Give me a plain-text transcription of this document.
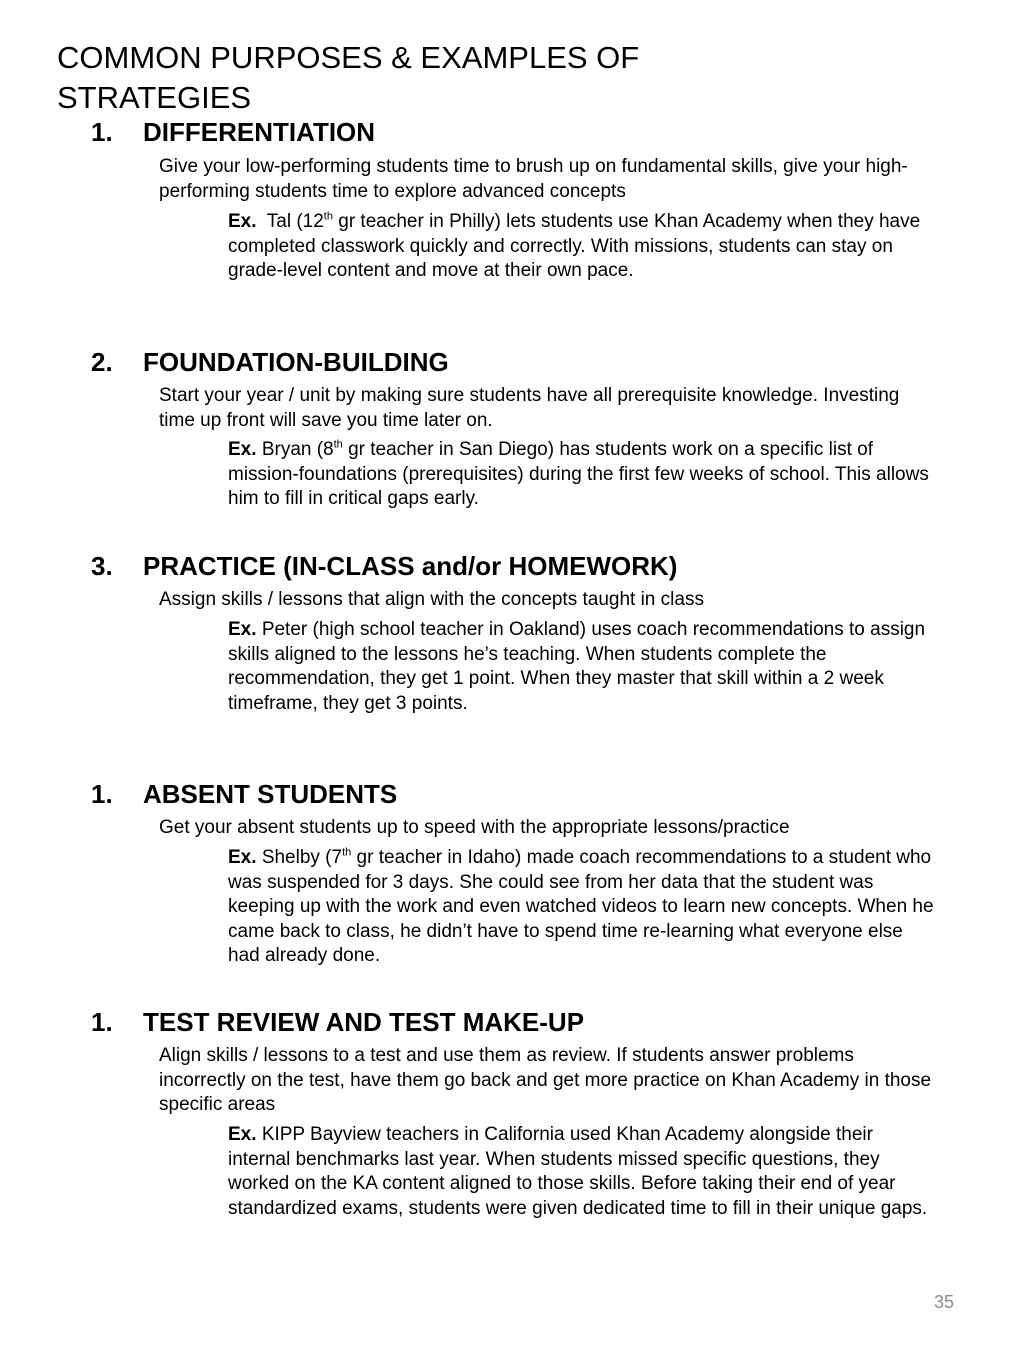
COMMON PURPOSES & EXAMPLES OF STRATEGIES
1. DIFFERENTIATION

Give your low-performing students time to brush up on fundamental skills, give your high-performing students time to explore advanced concepts

Ex. Tal (12th gr teacher in Philly) lets students use Khan Academy when they have completed classwork quickly and correctly. With missions, students can stay on grade-level content and move at their own pace.

2. FOUNDATION-BUILDING

Start your year / unit by making sure students have all prerequisite knowledge. Investing time up front will save you time later on.

Ex. Bryan (8th gr teacher in San Diego) has students work on a specific list of mission-foundations (prerequisites) during the first few weeks of school. This allows him to fill in critical gaps early.

3. PRACTICE (IN-CLASS and/or HOMEWORK)

Assign skills / lessons that align with the concepts taught in class

Ex. Peter (high school teacher in Oakland) uses coach recommendations to assign skills aligned to the lessons he’s teaching. When students complete the recommendation, they get 1 point. When they master that skill within a 2 week timeframe, they get 3 points.

1. ABSENT STUDENTS

Get your absent students up to speed with the appropriate lessons/practice

Ex. Shelby (7th gr teacher in Idaho) made coach recommendations to a student who was suspended for 3 days. She could see from her data that the student was keeping up with the work and even watched videos to learn new concepts. When he came back to class, he didn’t have to spend time re-learning what everyone else had already done.

1. TEST REVIEW AND TEST MAKE-UP

Align skills / lessons to a test and use them as review. If students answer problems incorrectly on the test, have them go back and get more practice on Khan Academy in those specific areas

Ex. KIPP Bayview teachers in California used Khan Academy alongside their internal benchmarks last year. When students missed specific questions, they worked on the KA content aligned to those skills. Before taking their end of year standardized exams, students were given dedicated time to fill in their unique gaps.

35
